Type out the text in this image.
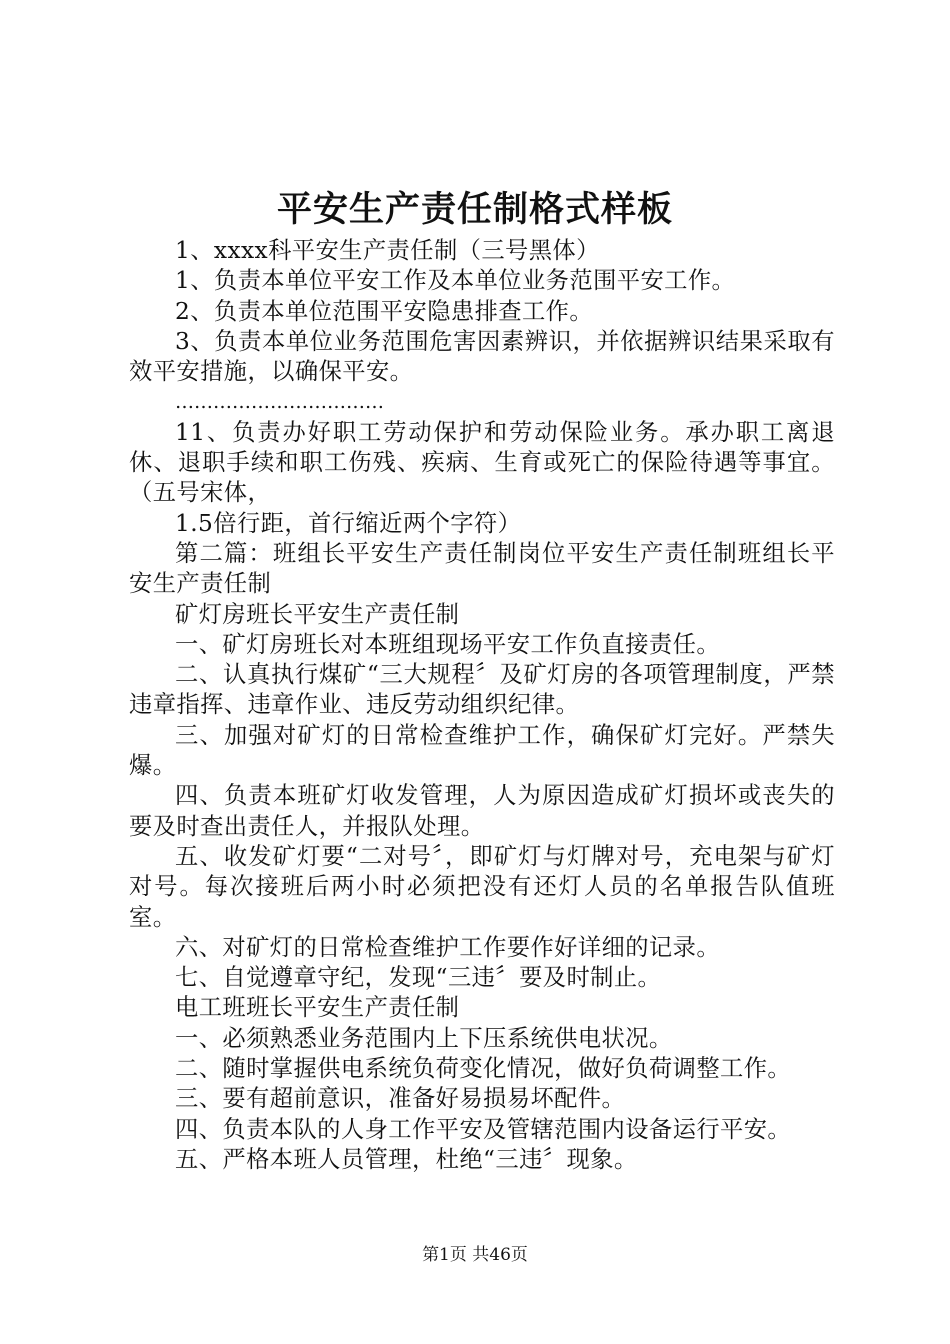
平安生产责任制格式样板

1、xxxx科平安生产责任制（三号黑体）

1、负责本单位平安工作及本单位业务范围平安工作。

2、负责本单位范围平安隐患排查工作。

3、负责本单位业务范围危害因素辨识，并依据辨识结果采取有效平安措施，以确保平安。

……………………………

11、负责办好职工劳动保护和劳动保险业务。承办职工离退休、退职手续和职工伤残、疾病、生育或死亡的保险待遇等事宜。（五号宋体，

1.5倍行距，首行缩近两个字符）

第二篇：班组长平安生产责任制岗位平安生产责任制班组长平安生产责任制

矿灯房班长平安生产责任制

一、矿灯房班长对本班组现场平安工作负直接责任。

二、认真执行煤矿“三大规程〞及矿灯房的各项管理制度，严禁违章指挥、违章作业、违反劳动组织纪律。

三、加强对矿灯的日常检查维护工作，确保矿灯完好。严禁失爆。

四、负责本班矿灯收发管理，人为原因造成矿灯损坏或丧失的要及时查出责任人，并报队处理。

五、收发矿灯要“二对号〞，即矿灯与灯牌对号，充电架与矿灯对号。每次接班后两小时必须把没有还灯人员的名单报告队值班室。

六、对矿灯的日常检查维护工作要作好详细的记录。

七、自觉遵章守纪，发现“三违〞要及时制止。

电工班班长平安生产责任制

一、必须熟悉业务范围内上下压系统供电状况。

二、随时掌握供电系统负荷变化情况，做好负荷调整工作。

三、要有超前意识，准备好易损易坏配件。

四、负责本队的人身工作平安及管辖范围内设备运行平安。

五、严格本班人员管理，杜绝“三违〞现象。

第1页 共46页
